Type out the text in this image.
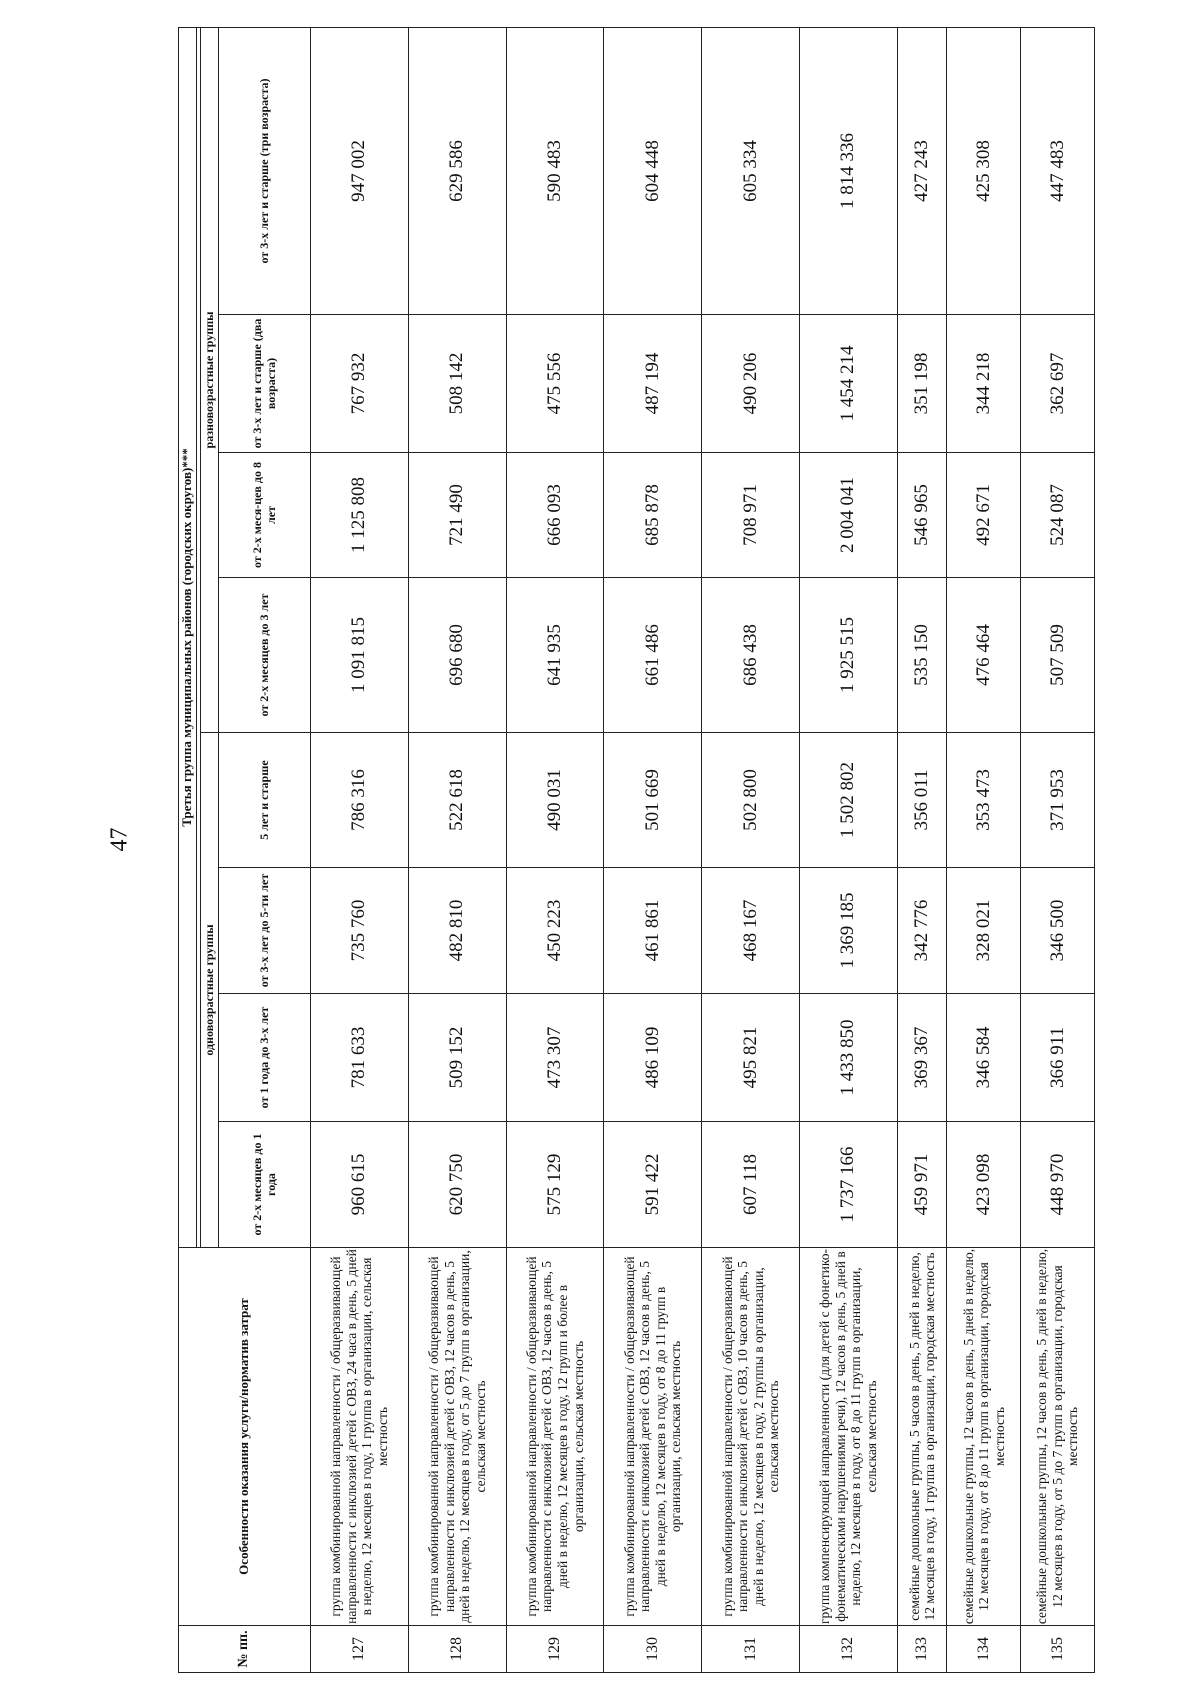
47
№ пп.	Особенности оказания услуги/норматив затрат	Третья группа муниципальных районов (городских округов)***							

		одновозрастные группы				разновозрастные группы			
		от 2-х месяцев до 1 года	от 1 года до 3-х лет	от 3-х лет до 5-ти лет	5 лет и старше	от 2-х месяцев до 3 лет	от 2-х меся-цев до 8 лет	от 3-х лет и старше (два возраста)	от 3-х лет и старше (три возраста)
127	группа комбинированной направленности / общеразвивающей направленности с инклюзией детей с ОВЗ, 24 часа в день, 5 дней в неделю, 12 месяцев в году, 1 группа в организации, сельская местность	960 615	781 633	735 760	786 316	1 091 815	1 125 808	767 932	947 002
128	группа комбинированной направленности / общеразвивающей направленности с инклюзией детей с ОВЗ, 12 часов в день, 5 дней в неделю, 12 месяцев в году, от 5 до 7 групп в организации, сельская местность	620 750	509 152	482 810	522 618	696 680	721 490	508 142	629 586
129	группа комбинированной направленности / общеразвивающей направленности с инклюзией детей с ОВЗ, 12 часов в день, 5 дней в неделю, 12 месяцев в году, 12 групп и более в организации, сельская местность	575 129	473 307	450 223	490 031	641 935	666 093	475 556	590 483
130	группа комбинированной направленности / общеразвивающей направленности с инклюзией детей с ОВЗ, 12 часов в день, 5 дней в неделю, 12 месяцев в году, от 8 до 11 групп в организации, сельская местность	591 422	486 109	461 861	501 669	661 486	685 878	487 194	604 448
131	группа комбинированной направленности / общеразвивающей направленности с инклюзией детей с ОВЗ, 10 часов в день, 5 дней в неделю, 12 месяцев в году, 2 группы в организации, сельская местность	607 118	495 821	468 167	502 800	686 438	708 971	490 206	605 334
132	группа компенсирующей направленности (для детей с фонетико-фонематическими нарушениями речи), 12 часов в день, 5 дней в неделю, 12 месяцев в году, от 8 до 11 групп в организации, сельская местность	1 737 166	1 433 850	1 369 185	1 502 802	1 925 515	2 004 041	1 454 214	1 814 336
133	семейные дошкольные группы, 5 часов в день, 5 дней в неделю, 12 месяцев в году, 1 группа в организации, городская местность	459 971	369 367	342 776	356 011	535 150	546 965	351 198	427 243
134	семейные дошкольные группы, 12 часов в день, 5 дней в неделю, 12 месяцев в году, от 8 до 11 групп в организации, городская местность	423 098	346 584	328 021	353 473	476 464	492 671	344 218	425 308
135	семейные дошкольные группы, 12 часов в день, 5 дней в неделю, 12 месяцев в году, от 5 до 7 групп в организации, городская местность	448 970	366 911	346 500	371 953	507 509	524 087	362 697	447 483
